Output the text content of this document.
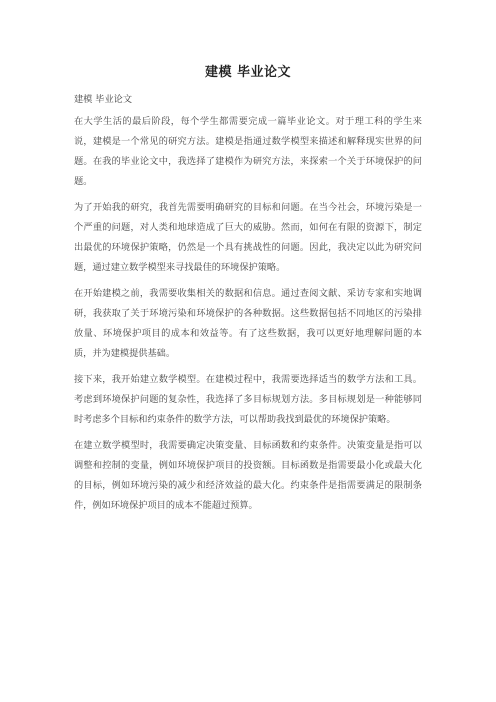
建模 毕业论文
建模 毕业论文

在大学生活的最后阶段，每个学生都需要完成一篇毕业论文。对于理工科的学生来说，建模是一个常见的研究方法。建模是指通过数学模型来描述和解释现实世界的问题。在我的毕业论文中，我选择了建模作为研究方法，来探索一个关于环境保护的问题。

为了开始我的研究，我首先需要明确研究的目标和问题。在当今社会，环境污染是一个严重的问题，对人类和地球造成了巨大的威胁。然而，如何在有限的资源下，制定出最优的环境保护策略，仍然是一个具有挑战性的问题。因此，我决定以此为研究问题，通过建立数学模型来寻找最佳的环境保护策略。

在开始建模之前，我需要收集相关的数据和信息。通过查阅文献、采访专家和实地调研，我获取了关于环境污染和环境保护的各种数据。这些数据包括不同地区的污染排放量、环境保护项目的成本和效益等。有了这些数据，我可以更好地理解问题的本质，并为建模提供基础。

接下来，我开始建立数学模型。在建模过程中，我需要选择适当的数学方法和工具。考虑到环境保护问题的复杂性，我选择了多目标规划方法。多目标规划是一种能够同时考虑多个目标和约束条件的数学方法，可以帮助我找到最优的环境保护策略。

在建立数学模型时，我需要确定决策变量、目标函数和约束条件。决策变量是指可以调整和控制的变量，例如环境保护项目的投资额。目标函数是指需要最小化或最大化的目标，例如环境污染的减少和经济效益的最大化。约束条件是指需要满足的限制条件，例如环境保护项目的成本不能超过预算。
